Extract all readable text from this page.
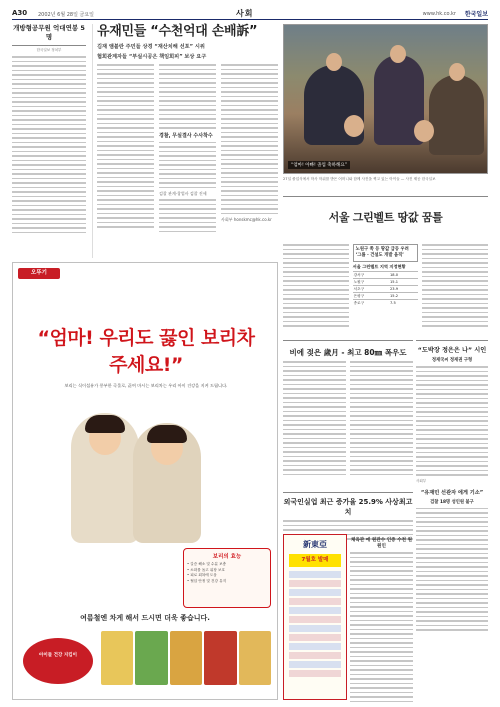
A30 2002년 6월 28일 금요일	사회	www.hk.co.kr 한국일보
개방형공무원 억대연봉 5명
한국일보 정치부
유재민들 “수천억대 손배訴”
김재 앰블란 주민들 상경 “재산치해 선포” 시위
협회관계자들 “부실시공은 책임회피” 보상 요구
경찰, 무실결사 수사착수
검찰 관계·창업사 검찰 진세
사회부 honskmc@hk.co.kr
“엄마! 아빠! 졸업 축하해요”
27일 졸업식에서 학사 학위를 받은 어머니와 함께 사진을 찍고 있는 아이들 — 사진 제공 한국일보
서울 그린벨트 땅값 꿈틀
노원구 쪽 등 땅값 급등 우려 ‘그룹 · 건설도 개발 움직’
서울 그린벨트 지역 지정현황
강서구	18.0
노원구	15.1
서초구	23.9
은평구	15.2
종로구	7.5
오뚜기
“엄마! 우리도 끓인 보리차 주세요!”
보리는 식이섬유가 풍부한 곡물로, 끓여 마시는 보리차는 우리 아이 건강을 지켜 드립니다.
보리의 효능
• 갈증 해소 및 수분 보충
• 소화를 돕고 위장 보호
• 피로 회복에 도움
• 혈압 안정 및 건강 유지
여름철엔 차게 해서 드시면 더욱 좋습니다.
아이들 건강 지킴이
비에 젖은 歲月 - 최고 80㎜ 폭우도
외국인실업 최근 증가율 25.9% 사상최고치
“도박장 정은은 나” 시인
정재국씨 정재권 구형
사회부
“유재민 선관자 에게 기소”
검찰 18명 성인원 불구
新東亞
7월호 발매
체육관 에 원관수 인증 수천 원 원인
